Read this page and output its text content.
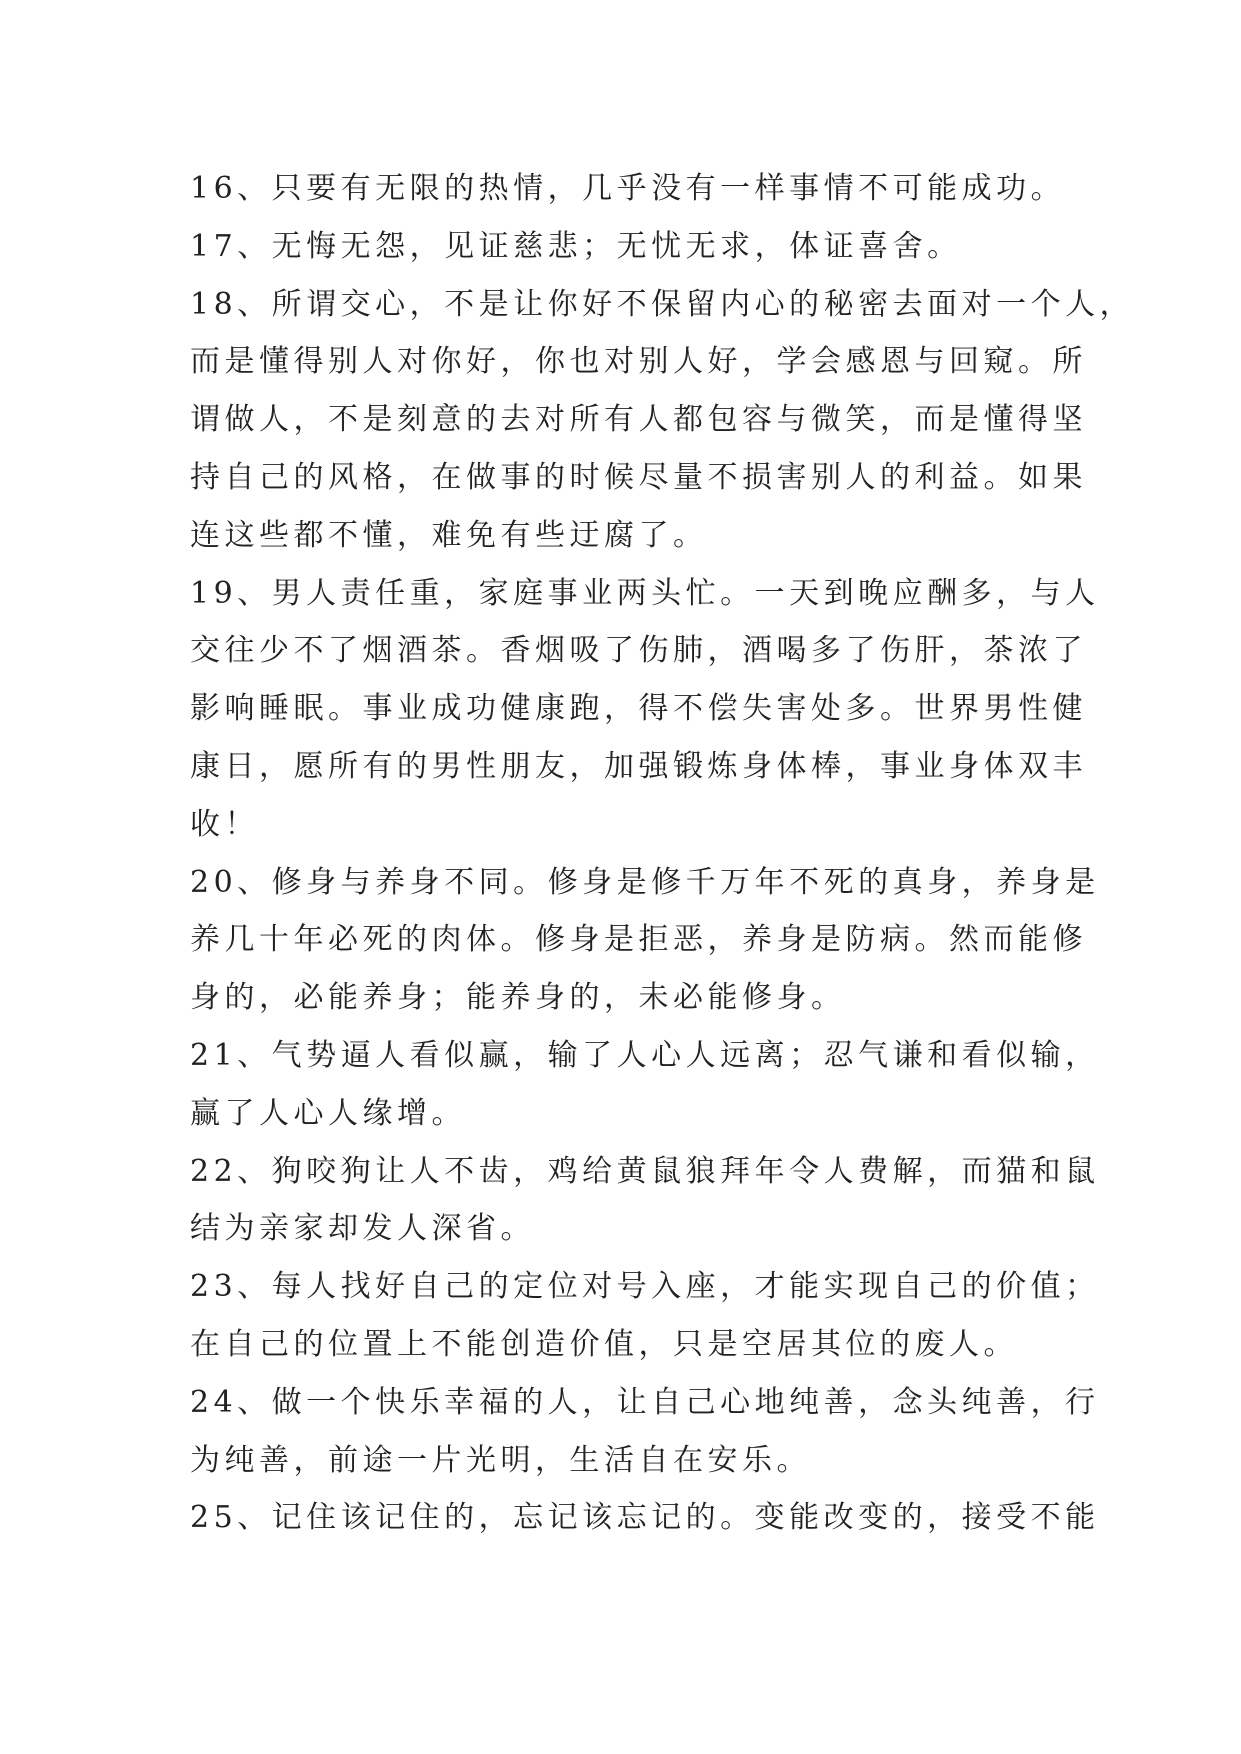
16、只要有无限的热情，几乎没有一样事情不可能成功。
17、无悔无怨，见证慈悲；无忧无求，体证喜舍。
18、所谓交心，不是让你好不保留内心的秘密去面对一个人，
而是懂得别人对你好，你也对别人好，学会感恩与回窥。所
谓做人，不是刻意的去对所有人都包容与微笑，而是懂得坚
持自己的风格，在做事的时候尽量不损害别人的利益。如果
连这些都不懂，难免有些迂腐了。
19、男人责任重，家庭事业两头忙。一天到晚应酬多，与人
交往少不了烟酒茶。香烟吸了伤肺，酒喝多了伤肝，茶浓了
影响睡眠。事业成功健康跑，得不偿失害处多。世界男性健
康日，愿所有的男性朋友，加强锻炼身体棒，事业身体双丰
收！
20、修身与养身不同。修身是修千万年不死的真身，养身是
养几十年必死的肉体。修身是拒恶，养身是防病。然而能修
身的，必能养身；能养身的，未必能修身。
21、气势逼人看似赢，输了人心人远离；忍气谦和看似输，
赢了人心人缘增。
22、狗咬狗让人不齿，鸡给黄鼠狼拜年令人费解，而猫和鼠
结为亲家却发人深省。
23、每人找好自己的定位对号入座，才能实现自己的价值；
在自己的位置上不能创造价值，只是空居其位的废人。
24、做一个快乐幸福的人，让自己心地纯善，念头纯善，行
为纯善，前途一片光明，生活自在安乐。
25、记住该记住的，忘记该忘记的。变能改变的，接受不能
